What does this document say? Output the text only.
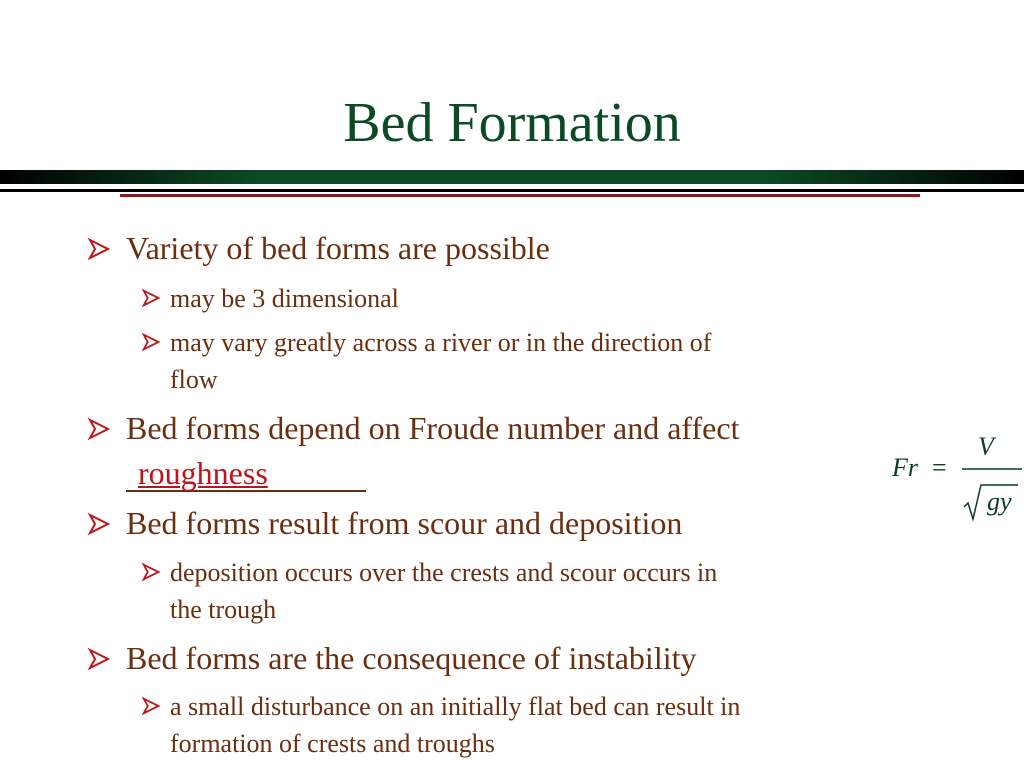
Bed Formation
Variety of bed forms are possible
may be 3 dimensional
may vary greatly across a river or in the direction of
flow
Bed forms depend on Froude number and affect
roughness
Bed forms result from scour and deposition
deposition occurs over the crests and scour occurs in
the trough
Bed forms are the consequence of instability
a small disturbance on an initially flat bed can result in
formation of crests and troughs
Fr =
V
gy
